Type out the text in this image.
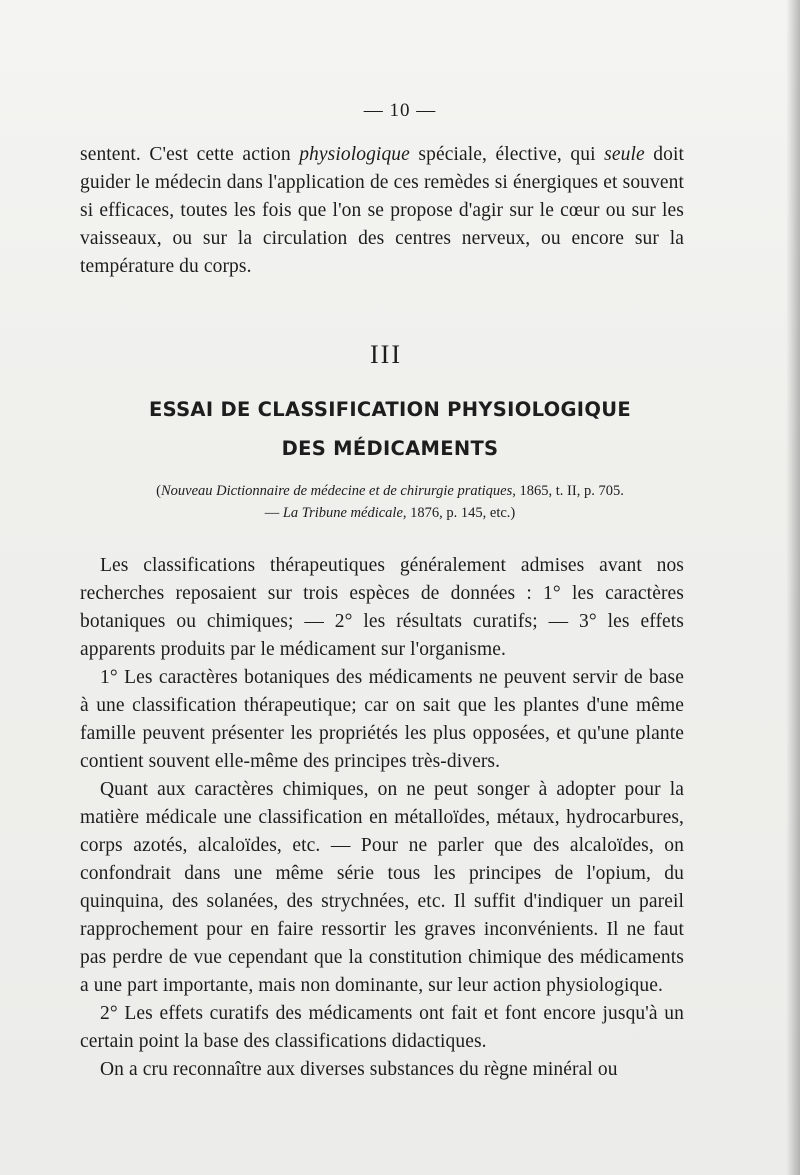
— 10 —

sentent. C'est cette action physiologique spéciale, élective, qui seule doit guider le médecin dans l'application de ces remèdes si énergiques et souvent si efficaces, toutes les fois que l'on se propose d'agir sur le cœur ou sur les vaisseaux, ou sur la circulation des centres nerveux, ou encore sur la température du corps.

III
ESSAI DE CLASSIFICATION PHYSIOLOGIQUE
DES MÉDICAMENTS
(Nouveau Dictionnaire de médecine et de chirurgie pratiques, 1865, t. II, p. 705.
— La Tribune médicale, 1876, p. 145, etc.)

Les classifications thérapeutiques généralement admises avant nos recherches reposaient sur trois espèces de données : 1° les caractères botaniques ou chimiques; — 2° les résultats curatifs; — 3° les effets apparents produits par le médicament sur l'organisme.

1° Les caractères botaniques des médicaments ne peuvent servir de base à une classification thérapeutique; car on sait que les plantes d'une même famille peuvent présenter les propriétés les plus opposées, et qu'une plante contient souvent elle-même des principes très-divers.

Quant aux caractères chimiques, on ne peut songer à adopter pour la matière médicale une classification en métalloïdes, métaux, hydrocarbures, corps azotés, alcaloïdes, etc. — Pour ne parler que des alcaloïdes, on confondrait dans une même série tous les principes de l'opium, du quinquina, des solanées, des strychnées, etc. Il suffit d'indiquer un pareil rapprochement pour en faire ressortir les graves inconvénients. Il ne faut pas perdre de vue cependant que la constitution chimique des médicaments a une part importante, mais non dominante, sur leur action physiologique.

2° Les effets curatifs des médicaments ont fait et font encore jusqu'à un certain point la base des classifications didactiques.

On a cru reconnaître aux diverses substances du règne minéral ou
